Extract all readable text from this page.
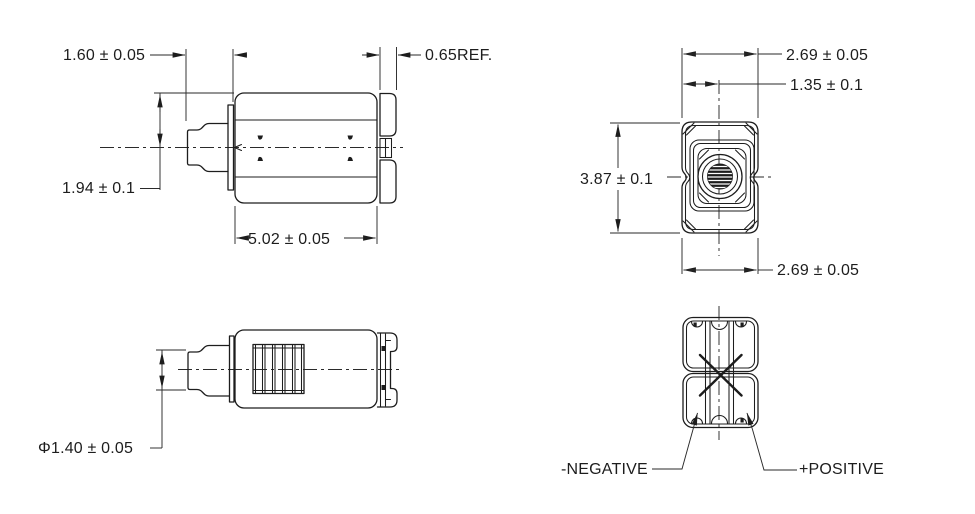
1.60 ± 0.05	0.65REF.
1.94 ± 0.1
5.02 ± 0.05
2.69 ± 0.05
1.35 ± 0.1
3.87 ± 0.1
2.69 ± 0.05
Φ1.40 ± 0.05
-NEGATIVE	+POSITIVE
